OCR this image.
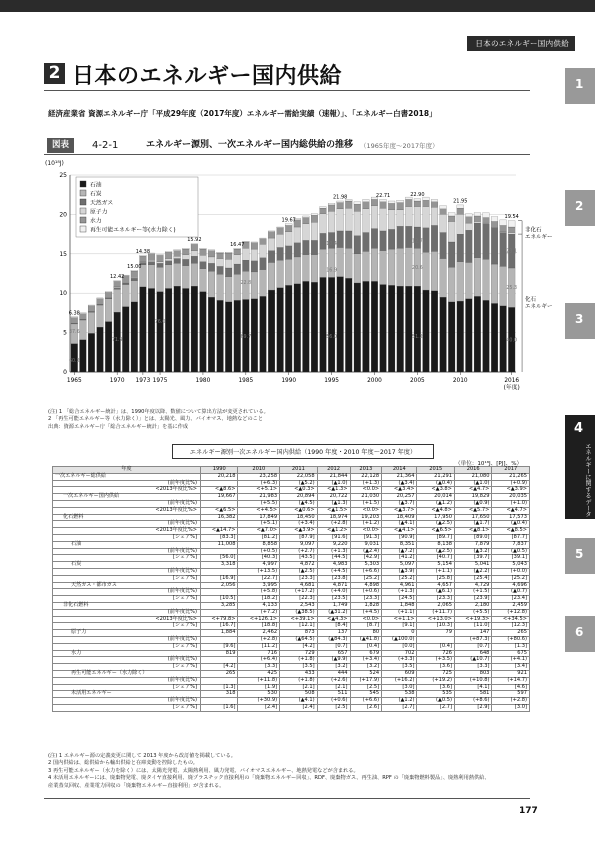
日本のエネルギー国内供給
2 日本のエネルギー国内供給
経済産業省 資源エネルギー庁「平成29年度（2017年度）エネルギー需給実績（速報）」、「エネルギー白書2018」
図表	4-2-1	エネルギー源別、一次エネルギー国内総供給の推移 （1965年度〜2017年度）
(10¹⁸J)
0
5
10
15
20
25
1965	1970 1973 1975	1980	1985	1990	1995	2000	2005	2010	2016
(年度)
6.38
12.42
15.00
14.38
15.92
16.47
19.67
21.98	22.71	22.90
21.95
19.54
60.2
37.6
71.9
76.0
69.7
22.8
56.0
16.9
10.4
51.2
20.6
12.7
40.0
25.3
23.1
石油
石炭
天然ガス
原子力
水力
再生可能エネルギー等(水力除く)	非化石
エネルギー
化石
エネルギー
(注) 1 「総合エネルギー統計」は、1990年度以降、数値について算出方法が変更されている。
2 「再生可能エネルギー等（水力除く）」とは、太陽光、風力、バイオマス、地熱などのこと
出典：資源エネルギー庁「総合エネルギー統計」を基に作成
エネルギー源別一次エネルギー国内供給（1990 年度・2010 年度〜2017 年度）
（単位：10¹⁸J、[PJ]、%）
年度	1990	2010	2011	2012	2013	2014	2015	2016	2017
一次エネルギー総供給	20,218	23,258	22,058	21,844	22,128	21,364	21,291	21,080	21,265
(前年度比%)		(+6.3)	(▲5.2)	(▲1.0)	(+1.3)	(▲3.4)	(▲0.4)	(▲1.0)	(+0.9)
<2013年度比%>	<▲8.6>	<+5.1>	<▲0.3>	<▲1.3>	<0.0>	<▲3.4>	<▲3.8>	<▲4.7>	<▲3.9>
一次エネルギー国内供給	19,667	21,983	20,894	20,722	21,030	20,257	20,014	19,829	20,035
(前年度比%)		(+5.5)	(▲4.5)	(▲1.3)	(+1.5)	(▲3.7)	(▲1.2)	(▲0.9)	(+1.0)
<2013年度比%>	<▲6.5>	<+4.5>	<▲0.6>	<▲1.5>	<0.0>	<▲3.7>	<▲4.8>	<▲5.7>	<▲4.7>
化石燃料	16,382	17,849	18,450	18,974	19,203	18,409	17,950	17,650	17,573
(前年度比%)		(+5.1)	(+3.4)	(+2.8)	(+1.2)	(▲4.1)	(▲2.5)	(▲1.7)	(▲0.4)
<2013年度比%>	<▲14.7>	<▲7.0>	<▲3.9>	<▲1.2>	<0.0>	<▲4.1>	<▲6.5>	<▲8.1>	<▲8.5>
[シェア%]	[83.3]	[81.2]	[87.9]	[91.6]	[91.3]	[90.9]	[89.7]	[89.0]	[87.7]
石油	11,008	8,858	9,097	9,220	9,031	8,351	8,138	7,879	7,837
(前年度比%)		(+0.5)	(+2.7)	(+1.3)	(▲2.4)	(▲7.2)	(▲2.5)	(▲3.2)	(▲0.5)
[シェア%]	[56.0]	[40.3]	[43.5]	[44.5]	[42.9]	[41.2]	[40.7]	[39.7]	[39.1]
石炭	3,318	4,997	4,872	4,983	5,303	5,097	5,154	5,041	5,043
(前年度比%)		(+13.5)	(▲2.5)	(+4.5)	(+6.6)	(▲3.9)	(+1.1)	(▲2.2)	(+0.0)
[シェア%]	[16.9]	[22.7]	[23.3]	[23.8]	[25.2]	[25.2]	[25.8]	[25.4]	[25.2]
天然ガス・都市ガス	2,056	3,995	4,681	4,871	4,898	4,961	4,657	4,729	4,696
(前年度比%)		(+5.8)	(+17.2)	(+4.0)	(+0.6)	(+1.3)	(▲6.1)	(+1.5)	(▲0.7)
[シェア%]	[10.5]	[18.2]	[22.3]	[23.5]	[23.3]	[24.5]	[23.3]	[23.9]	[23.4]
非化石燃料	3,285	4,133	2,543	1,749	1,828	1,848	2,065	2,180	2,459
(前年度比%)		(+7.2)	(▲38.5)	(▲31.2)	(+4.5)	(+1.1)	(+11.7)	(+5.5)	(+12.8)
<2013年度比%>	<+79.8>	<+126.1>	<+39.1>	<▲4.3>	<0.0>	<+1.1>	<+13.0>	<+19.3>	<+34.5>
[シェア%]	[16.7]	[18.8]	[12.1]	[8.4]	[8.7]	[9.1]	[10.3]	[11.0]	[12.3]
原子力	1,884	2,462	873	137	80	0	79	147	265
(前年度比%)		(+2.8)	(▲64.5)	(▲84.3)	(▲41.8)	(▲100.0)		(+87.3)	(+80.6)
[シェア%]	[9.6]	[11.2]	[4.2]	[0.7]	[0.4]	[0.0]	[0.4]	[0.7]	[1.3]
水力	819	716	729	657	679	702	726	648	675
(前年度比%)		(+6.4)	(+1.8)	(▲9.9)	(+3.4)	(+3.3)	(+3.5)	(▲10.7)	(+4.1)
[シェア%]	[4.2]	[3.3]	[3.5]	[3.2]	[3.2]	[3.5]	[3.6]	[3.3]	[3.4]
再生可能エネルギー（水力除く）	265	425	433	444	524	609	725	803	921
(前年度比%)		(+11.8)	(+1.8)	(+2.6)	(+17.9)	(+16.2)	(+19.2)	(+10.8)	(+14.7)
[シェア%]	[1.3]	[1.9]	[2.1]	[2.1]	[2.5]	[3.0]	[3.6]	[4.1]	[4.6]
未活用エネルギー	318	530	508	511	545	538	535	581	597
(前年度比%)		(+30.9)	(▲4.1)	(+0.6)	(+6.6)	(▲1.2)	(▲0.5)	(+8.6)	(+2.8)
[シェア%]	[1.6]	[2.4]	[2.4]	[2.5]	[2.6]	[2.7]	[2.7]	[2.9]	[3.0]
(注) 1 エネルギー源の定義変更に関して 2013 年度から改訂値を掲載している。
2 国内供給は、総供給から輸出供給と在庫変動を控除したもの。
3 再生可能エネルギー（水力を除く）には、太陽光発電、太陽熱利用、風力発電、バイオマスエネルギー、地熱発電などが含まれる。
4 未活用エネルギーには、廃棄物発電、廃タイヤ直接利用、廃プラスチック直接利用の「廃棄物エネルギー回収」、RDF、廃棄物ガス、再生油、RPF の「廃棄物燃料製品」、廃熱利用熱供給、
産業蒸気回収、産業電力回収の「廃棄物エネルギー直接利用」が含まれる。
1
2
3
5
6
4
エネルギーに関するデータ
177
